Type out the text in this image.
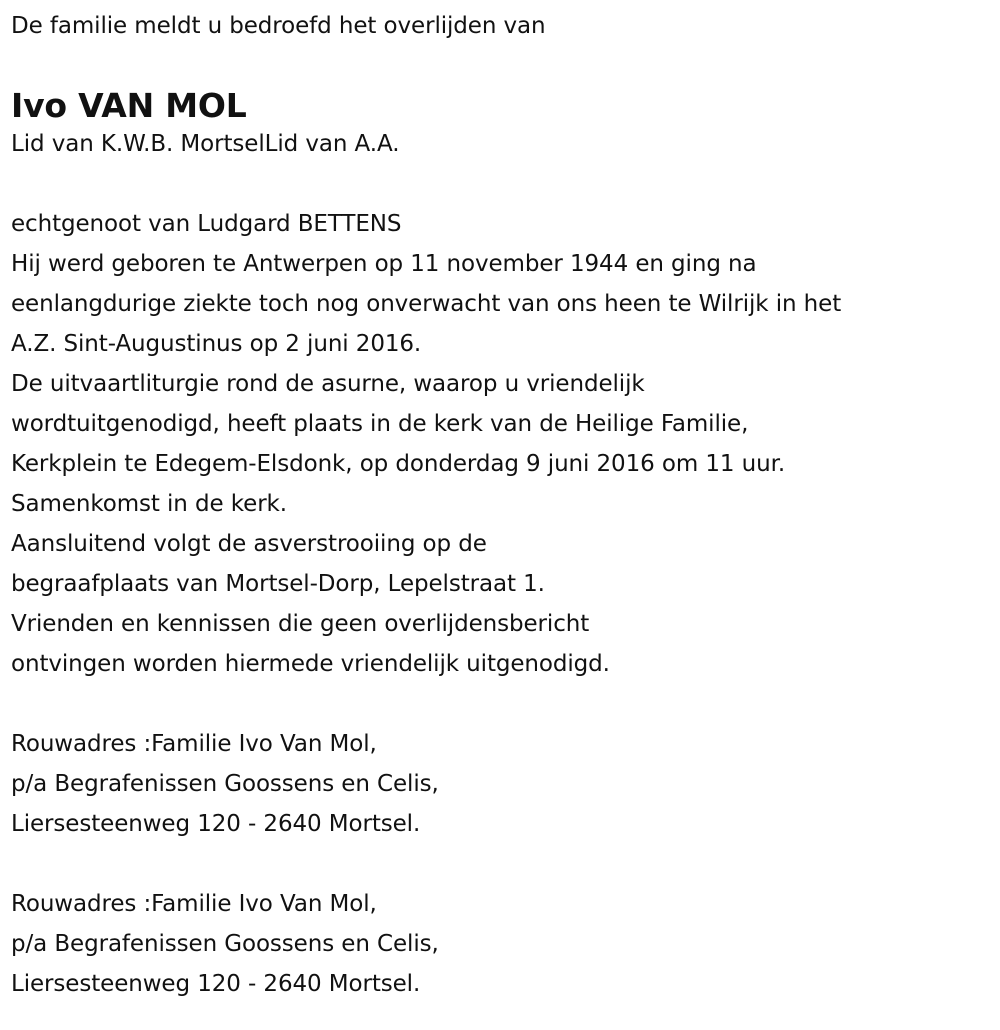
De familie meldt u bedroefd het overlijden van
Ivo VAN MOL
Lid van K.W.B. MortselLid van A.A.
echtgenoot van Ludgard BETTENS
Hij werd geboren te Antwerpen op 11 november 1944 en ging na
eenlangdurige ziekte toch nog onverwacht van ons heen te Wilrijk in het
A.Z. Sint-Augustinus op 2 juni 2016.
De uitvaartliturgie rond de asurne, waarop u vriendelijk
wordtuitgenodigd, heeft plaats in de kerk van de Heilige Familie,
Kerkplein te Edegem-Elsdonk, op donderdag 9 juni 2016 om 11 uur.
Samenkomst in de kerk.
Aansluitend volgt de asverstrooiing op de
begraafplaats van Mortsel-Dorp, Lepelstraat 1.
Vrienden en kennissen die geen overlijdensbericht
ontvingen worden hiermede vriendelijk uitgenodigd.
Rouwadres :Familie Ivo Van Mol,
p/a Begrafenissen Goossens en Celis,
Liersesteenweg 120 - 2640 Mortsel.
Rouwadres :Familie Ivo Van Mol,
p/a Begrafenissen Goossens en Celis,
Liersesteenweg 120 - 2640 Mortsel.
